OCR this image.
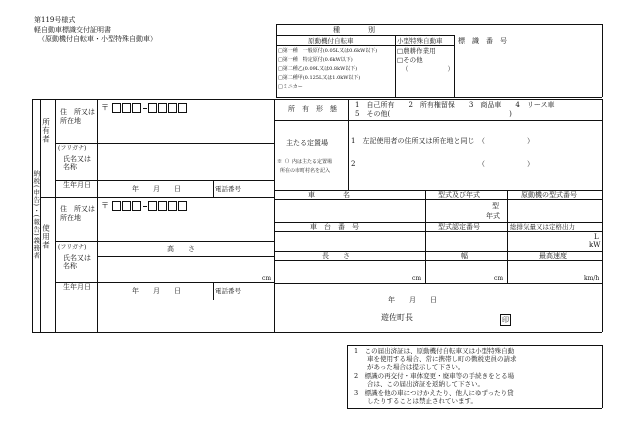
第119号様式
軽自動車標識交付証明書
（原動機付自転車・小型特殊自動車）
種　　　　別
原動機付自転車	小型特殊自動車 標　識　番　号
□第一種　一般原付(0.05L又は0.6kW以下)
□第一種　特定原付(0.6kW以下)
□第二種乙(0.09L又は0.8kW以下)
□第二種甲(0.125L又は1.0kW以下)
□ミニカー
□農耕作業用
□その他
（　　　　　　）
納税(申告)・(報告)義務者
所有者
使用者
住　所又は所在地
〒
(フリガナ)
氏名又は名称
生年月日	年　　月　　日	電話番号
住　所又は所在地
〒
(フリガナ)
氏名又は名称
生年月日	年　　月　　日	電話番号
所　有　形　態	1　自己所有　　2　所有権留保　　3　商品車　　4　リース車
5　その他(　　　　　　　　　　　　　　　　　)
主たる定置場
※（）内は主たる定置場
所在の市町村名を記入
1　左記使用者の住所又は所在地と同じ　（　　　　　　）
2　　　　　　　　　　　　　　　　　　（　　　　　　）
車　　　　名	型式及び年式	原動機の型式番号
型
年式
車　台　番　号	型式認定番号	総排気量又は定格出力
L
kW
長　　さ	幅	最高速度
cm	cm	km/h
高　　さ
cm
年　　月　　日
遊佐町長	印
1　この届出済証は、原動機付自転車又は小型特殊自動
　　車を使用する場合、常に携帯し町の徴税吏員の請求
　　があった場合は提示して下さい。
2　標識の再交付・車体変更・廃車等の手続きをとる場
　　合は、この届出済証を返納して下さい。
3　標識を他の車につけかえたり、他人にゆずったり貸
　　したりすることは禁止されています。
